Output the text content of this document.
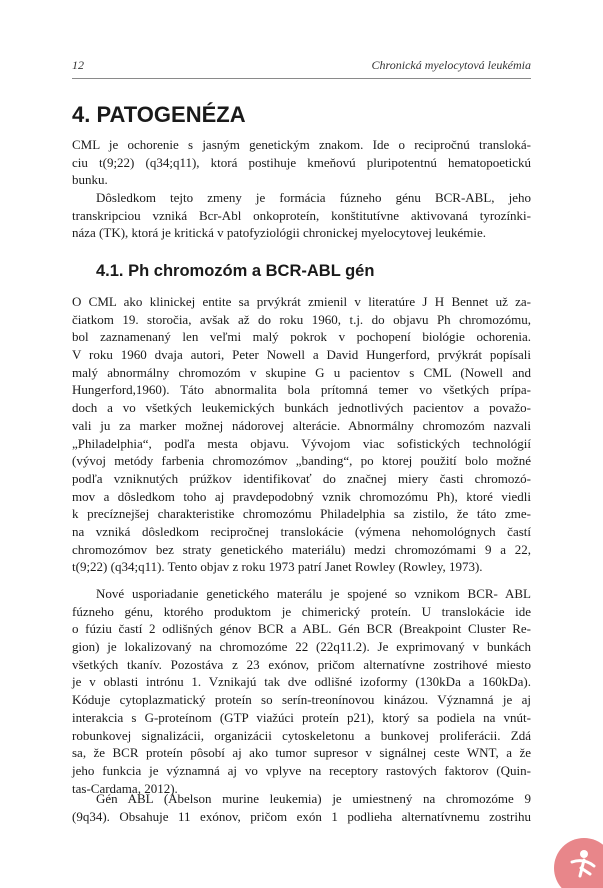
12	Chronická myelocytová leukémia
4. PATOGENÉZA
CML je ochorenie s jasným genetickým znakom. Ide o recipročnú transloká-
ciu t(9;22) (q34;q11), ktorá postihuje kmeňovú pluripotentnú hematopoetickú
bunku.
Dôsledkom tejto zmeny je formácia fúzneho génu BCR-ABL, jeho
transkripciou vzniká Bcr-Abl onkoproteín, konštitutívne aktivovaná tyrozínki-
náza (TK), ktorá je kritická v patofyziológii chronickej myelocytovej leukémie.
4.1. Ph chromozóm a BCR-ABL gén
O CML ako klinickej entite sa prvýkrát zmienil v literatúre J H Bennet už za-
čiatkom 19. storočia, avšak až do roku 1960, t.j. do objavu Ph chromozómu,
bol zaznamenaný len veľmi malý pokrok v pochopení biológie ochorenia.
V roku 1960 dvaja autori, Peter Nowell a David Hungerford, prvýkrát popísali
malý abnormálny chromozóm v skupine G u pacientov s CML (Nowell and
Hungerford,1960). Táto abnormalita bola prítomná temer vo všetkých prípa-
doch a vo všetkých leukemických bunkách jednotlivých pacientov a považo-
vali ju za marker možnej nádorovej alterácie. Abnormálny chromozóm nazvali
„Philadelphia“, podľa mesta objavu. Vývojom viac sofistických technológií
(vývoj metódy farbenia chromozómov „banding“, po ktorej použití bolo možné
podľa vzniknutých prúžkov identifikovať do značnej miery časti chromozó-
mov a dôsledkom toho aj pravdepodobný vznik chromozómu Ph), ktoré viedli
k precíznejšej charakteristike chromozómu Philadelphia sa zistilo, že táto zme-
na vzniká dôsledkom recipročnej translokácie (výmena nehomológnych častí
chromozómov bez straty genetického materiálu) medzi chromozómami 9 a 22,
t(9;22) (q34;q11). Tento objav z roku 1973 patrí Janet Rowley (Rowley, 1973).
Nové usporiadanie genetického materálu je spojené so vznikom BCR- ABL
fúzneho génu, ktorého produktom je chimerický proteín. U translokácie ide
o fúziu častí 2 odlišných génov BCR a ABL. Gén BCR (Breakpoint Cluster Re-
gion) je lokalizovaný na chromozóme 22 (22q11.2). Je exprimovaný v bunkách
všetkých tkanív. Pozostáva z 23 exónov, pričom alternatívne zostrihové miesto
je v oblasti intrónu 1. Vznikajú tak dve odlišné izoformy (130kDa a 160kDa).
Kóduje cytoplazmatický proteín so serín-treonínovou kinázou. Významná je aj
interakcia s G-proteínom (GTP viažúci proteín p21), ktorý sa podiela na vnút-
robunkovej signalizácii, organizácii cytoskeletonu a bunkovej proliferácii. Zdá
sa, že BCR proteín pôsobí aj ako tumor supresor v signálnej ceste WNT, a že
jeho funkcia je významná aj vo vplyve na receptory rastových faktorov (Quin-
tas-Cardama, 2012).
Gén ABL (Abelson murine leukemia) je umiestnený na chromozóme 9
(9q34). Obsahuje 11 exónov, pričom exón 1 podlieha alternatívnemu zostrihu
